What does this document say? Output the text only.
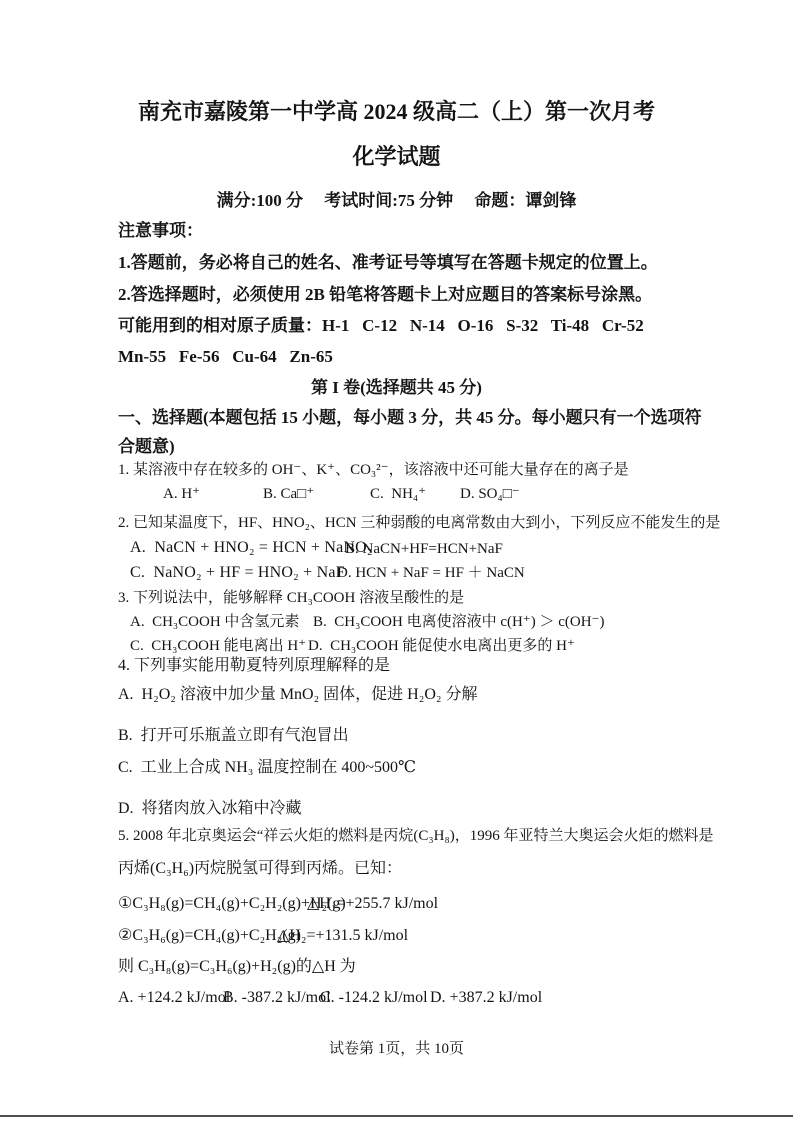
南充市嘉陵第一中学高 2024 级高二（上）第一次月考
化学试题
满分:100 分　 考试时间:75 分钟　 命题：谭剑锋
注意事项：
1.答题前，务必将自己的姓名、准考证号等填写在答题卡规定的位置上。
2.答选择题时，必须使用 2B 铅笔将答题卡上对应题目的答案标号涂黑。
可能用到的相对原子质量：H-1   C-12   N-14   O-16   S-32   Ti-48   Cr-52
Mn-55   Fe-56   Cu-64   Zn-65
第 I 卷(选择题共 45 分)
一、选择题(本题包括 15 小题，每小题 3 分，共 45 分。每小题只有一个选项符
合题意)
1. 某溶液中存在较多的 OH⁻、K⁺、CO₃²⁻，该溶液中还可能大量存在的离子是
A. H⁺	B. Ca□⁺	C.  NH₄⁺ D. SO₄□⁻
2. 已知某温度下，HF、HNO₂、HCN 三种弱酸的电离常数由大到小，下列反应不能发生的是
A.  NaCN + HNO₂ = HCN + NaNO₂
B. NaCN+HF=HCN+NaF
C.  NaNO₂ + HF = HNO₂ + NaF
D. HCN + NaF = HF ＋ NaCN
3. 下列说法中，能够解释 CH₃COOH 溶液呈酸性的是
A.  CH₃COOH 中含氢元素 B.  CH₃COOH 电离使溶液中 c(H⁺) ＞ c(OH⁻)
C.  CH₃COOH 能电离出 H⁺ D.  CH₃COOH 能促使水电离出更多的 H⁺
4. 下列事实能用勒夏特列原理解释的是
A.  H₂O₂ 溶液中加少量 MnO₂ 固体，促进 H₂O₂ 分解
B.  打开可乐瓶盖立即有气泡冒出
C.  工业上合成 NH₃ 温度控制在 400~500℃
D.  将猪肉放入冰箱中冷藏
5. 2008 年北京奥运会“祥云火炬的燃料是丙烷(C₃H₈)，1996 年亚特兰大奥运会火炬的燃料是
丙烯(C₃H₆)丙烷脱氢可得到丙烯。已知：
①C₃H₈(g)=CH₄(g)+C₂H₂(g)+H₂(g)
△H₁=+255.7 kJ/mol
②C₃H₆(g)=CH₄(g)+C₂H₂(g)
△H₂=+131.5 kJ/mol
则 C₃H₈(g)=C₃H₆(g)+H₂(g)的△H 为
A. +124.2 kJ/mol
B. -387.2 kJ/mol
C. -124.2 kJ/mol D. +387.2 kJ/mol
试卷第 1页，共 10页
